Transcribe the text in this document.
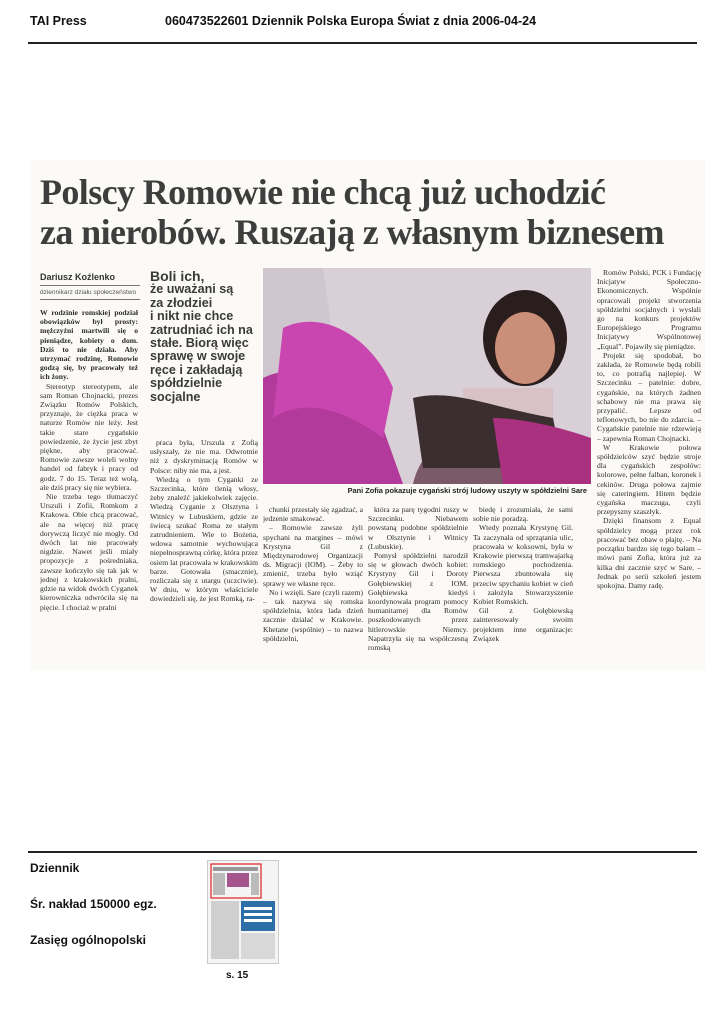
TAI Press	060473522601 Dziennik Polska Europa Świat z dnia 2006-04-24
Polscy Romowie nie chcą już uchodzić
za nierobów. Ruszają z własnym biznesem
Dariusz Koźlenko
dziennikarz działu społeczeństwo
W rodzinie romskiej podział obowiązków był prosty: mężczyźni martwili się o pieniądze, kobiety o dom. Dziś to nie działa. Aby utrzymać rodzinę, Romowie godzą się, by pracowały też ich żony.

Stereotyp stereotypem, ale sam Roman Chojnacki, prezes Związku Romów Polskich, przyznaje, że ciężka praca w naturze Romów nie leży. Jest takie stare cygańskie powiedzenie, że życie jest zbyt piękne, aby pracować. Romowie zawsze woleli wolny handel od fabryk i pracy od godz. 7 do 15. Teraz też wolą, ale dziś pracy się nie wybiera.

Nie trzeba tego tłumaczyć Urszuli i Zofii, Romkom z Krakowa. Obie chcą pracować, ale na więcej niż pracę dorywczą liczyć nie mogły. Od dwóch lat nie pracowały nigdzie. Nawet jeśli miały propozycje z pośredniaka, zawsze kończyło się tak jak w jednej z krakowskich pralni, gdzie na widok dwóch Cyganek kierowniczka odwróciła się na pięcie. I chociaż w pralni

Boli ich,
że uważani są
za złodziei
i nikt nie chce
zatrudniać ich na
stałe. Biorą więc
sprawę w swoje
ręce i zakładają
spółdzielnie
socjalne

praca była, Urszula z Zofią usłyszały, że nie ma. Odwrotnie niż z dyskryminacją Romów w Polsce: niby nie ma, a jest.

Wiedzą o tym Cyganki ze Szczecinka, które tlenią włosy, żeby znaleźć jakiekolwiek zajęcie. Wiedzą Cyganie z Olsztyna i Witnicy w Lubuskiem, gdzie ze świecą szukać Roma ze stałym zatrudnieniem. Wie to Bożena, wdowa samotnie wychowująca niepełnosprawną córkę, która przez osiem lat pracowała w krakowskim barze. Gotowała (smacznie), rozliczała się z utargu (uczciwie). W dniu, w którym właściciele dowiedzieli się, że jest Romką, ra-

Pani Zofia pokazuje cygański strój ludowy uszyty w spółdzielni Sare

chunki przestały się zgadzać, a jedzenie smakować.

– Romowie zawsze żyli spychani na margines – mówi Krystyna Gil z Międzynarodowej Organizacji ds. Migracji (IOM). – Żeby to zmienić, trzeba było wziąć sprawy we własne ręce.

No i wzięli. Sare (czyli razem) – tak nazywa się romska spółdzielnia, która lada dzień zacznie działać w Krakowie. Khetane (wspólnie) – to nazwa spółdzielni,

która za parę tygodni ruszy w Szczecinku. Niebawem powstaną podobne spółdzielnie w Olsztynie i Witnicy (Lubuskie).

Pomysł spółdzielni narodził się w głowach dwóch kobiet: Krystyny Gil i Doroty Gołębiewskiej z IOM. Gołębiewska kiedyś koordynowała program pomocy humanitarnej dla Romów poszkodowanych przez hitlerowskie Niemcy. Napatrzyła się na współczesną romską

biedę i zrozumiała, że sami sobie nie poradzą.

Wtedy poznała Krystynę Gil. Ta zaczynała od sprzątania ulic, pracowała w koksowni, była w Krakowie pierwszą tramwajarką romskiego pochodzenia. Pierwsza zbuntowała się przeciw spychaniu kobiet w cień i założyła Stowarzyszenie Kobiet Romskich.

Gil z Gołębiewską zainteresowały swoim projektem inne organizacje: Związek

Romów Polski, PCK i Fundację Inicjatyw Społeczno-Ekonomicznych. Wspólnie opracowali projekt stworzenia spółdzielni socjalnych i wysłali go na konkurs projektów Europejskiego Programu Inicjatywy Wspólnotowej „Equal”. Pojawiły się pieniądze.

Projekt się spodobał, bo zakłada, że Romowie będą robili to, co potrafią najlepiej. W Szczecinku – patelnie: dobre, cygańskie, na których żadnen schabowy nie ma prawa się przypalić. Lepsze od teflonowych, bo nie do zdarcia. – Cygańskie patelnie nie rdzewieją – zapewnia Roman Chojnacki.

W Krakowie połowa spółdzielców szyć będzie stroje dla cygańskich zespołów: kolorowe, pełne falban, koronek i cekinów. Druga połowa zajmie się cateringiem. Hitem będzie cygańska maczuga, czyli przepyszny szaszłyk.

Dzięki finansom z Equal spółdzielcy mogą przez rok pracować bez obaw o płajtę. – Na początku bardzo się tego bałam – mówi pani Zofia, która już za kilka dni zacznie szyć w Sare. – Jednak po serii szkoleń jestem spokojna. Damy radę.

Dziennik
Śr. nakład 150000 egz.
Zasięg ogólnopolski
s. 15
